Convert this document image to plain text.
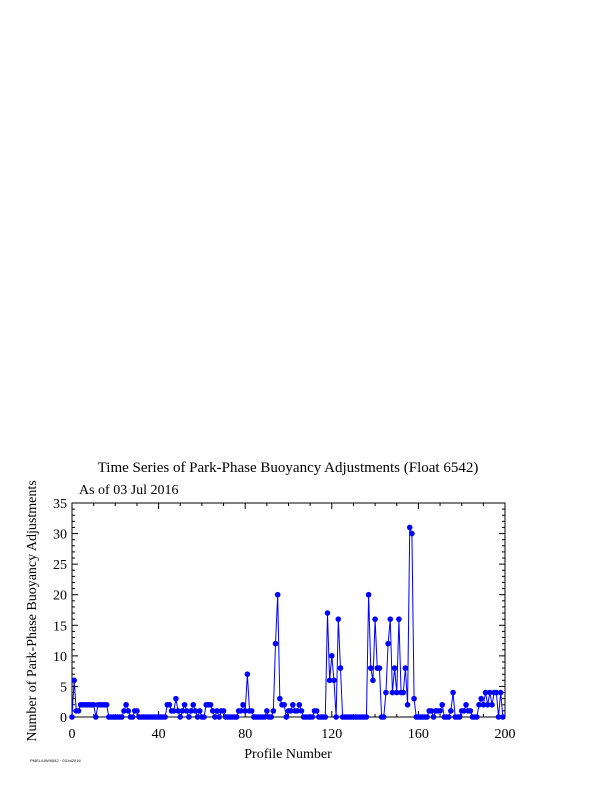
Time Series of Park-Phase Buoyancy Adjustments (Float 6542)
As of 03 Jul 2016
Number of Park-Phase Buoyancy Adjustments
Profile Number
0	40	80	120	160	200
0
5
10
15
20
25
30
35
PMEL/UW/6542 · 03Jul2016
